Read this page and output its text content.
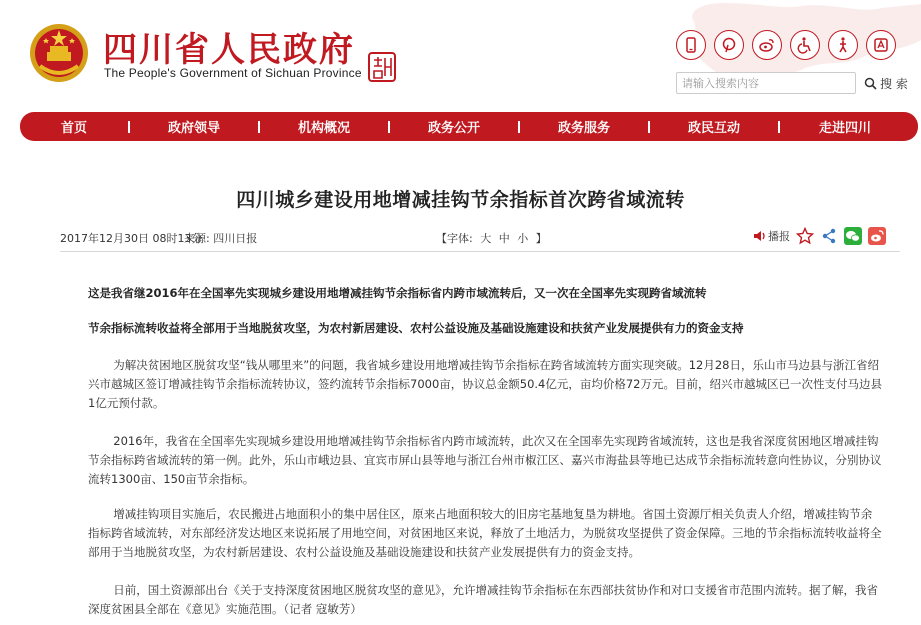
四川省人民政府
The People's Government of Sichuan Province
请输入搜索内容
搜 索
首页	政府领导	机构概况	政务公开	政务服务	政民互动	走进四川
四川城乡建设用地增减挂钩节余指标首次跨省域流转
2017年12月30日 08时13分
来源: 四川日报	【字体: 大 中 小 】	播报
这是我省继2016年在全国率先实现城乡建设用地增减挂钩节余指标省内跨市域流转后，又一次在全国率先实现跨省域流转
节余指标流转收益将全部用于当地脱贫攻坚，为农村新居建设、农村公益设施及基础设施建设和扶贫产业发展提供有力的资金支持

为解决贫困地区脱贫攻坚“钱从哪里来”的问题，我省城乡建设用地增减挂钩节余指标在跨省域流转方面实现突破。12月28日，乐山市马边县与浙江省绍兴市越城区签订增减挂钩节余指标流转协议，签约流转节余指标7000亩，协议总金额50.4亿元，亩均价格72万元。目前，绍兴市越城区已一次性支付马边县1亿元预付款。

2016年，我省在全国率先实现城乡建设用地增减挂钩节余指标省内跨市域流转，此次又在全国率先实现跨省域流转，这也是我省深度贫困地区增减挂钩节余指标跨省域流转的第一例。此外，乐山市峨边县、宜宾市屏山县等地与浙江台州市椒江区、嘉兴市海盐县等地已达成节余指标流转意向性协议，分别协议流转1300亩、150亩节余指标。

增减挂钩项目实施后，农民搬进占地面积小的集中居住区，原来占地面积较大的旧房宅基地复垦为耕地。省国土资源厅相关负责人介绍，增减挂钩节余指标跨省域流转，对东部经济发达地区来说拓展了用地空间，对贫困地区来说，释放了土地活力，为脱贫攻坚提供了资金保障。三地的节余指标流转收益将全部用于当地脱贫攻坚，为农村新居建设、农村公益设施及基础设施建设和扶贫产业发展提供有力的资金支持。

日前，国土资源部出台《关于支持深度贫困地区脱贫攻坚的意见》，允许增减挂钩节余指标在东西部扶贫协作和对口支援省市范围内流转。据了解，我省深度贫困县全部在《意见》实施范围。（记者 寇敏芳）
